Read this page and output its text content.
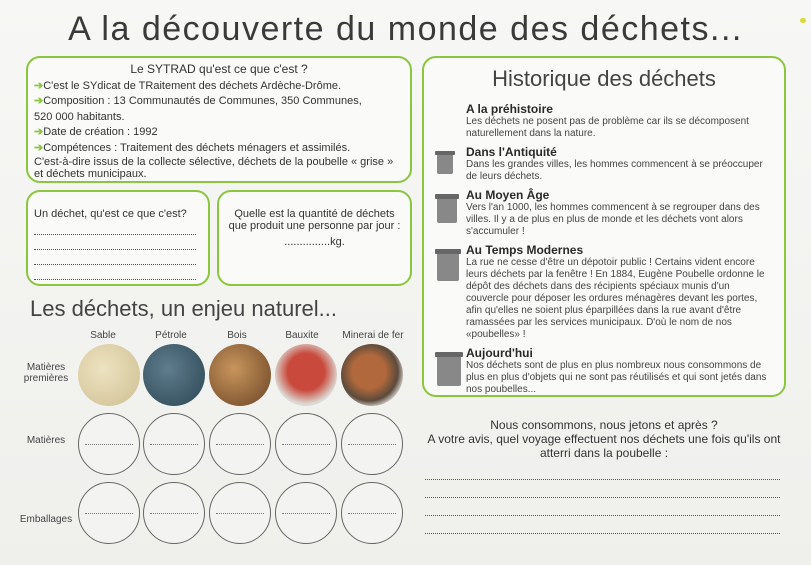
A la découverte du monde des déchets...
Le SYTRAD qu'est ce que c'est ?
➔C'est le SYdicat de TRaitement des déchets Ardèche-Drôme.
➔Composition : 13 Communautés de Communes, 350 Communes,
520 000 habitants.
➔Date de création : 1992
➔Compétences : Traitement des déchets ménagers et assimilés.
C'est-à-dire issus de la collecte sélective, déchets de la poubelle « grise »
et déchets municipaux.
Un déchet, qu'est ce que c'est?	Quelle est la quantité de déchets que produit une personne par jour :
...............kg.
Historique des déchets
A la préhistoire
Les déchets ne posent pas de problème car ils se décomposent naturellement dans la nature.
Dans l'Antiquité
Dans les grandes villes, les hommes commencent à se préoccuper de leurs déchets.
Au Moyen Âge
Vers l'an 1000, les hommes commencent à se regrouper dans des villes. Il y a de plus en plus de monde et les déchets vont alors s'accumuler !
Au Temps Modernes
La rue ne cesse d'être un dépotoir public ! Certains vident encore leurs déchets par la fenêtre ! En 1884, Eugène Poubelle ordonne le dépôt des déchets dans des récipients spéciaux munis d'un couvercle pour déposer les ordures ménagères devant les portes, afin qu'elles ne soient plus éparpillées dans la rue avant d'être ramassées par les services municipaux. D'où le nom de nos «poubelles» !
Aujourd'hui
Nos déchets sont de plus en plus nombreux nous consommons de plus en plus d'objets qui ne sont pas réutilisés et qui sont jetés dans nos poubelles...
Les déchets, un enjeu naturel...
Sable	Pétrole	Bois	Bauxite	Minerai de fer
Matières premières
Matières
Emballages
Nous consommons, nous jetons et après ?
A votre avis, quel voyage effectuent nos déchets une fois qu'ils ont atterri dans la poubelle :
